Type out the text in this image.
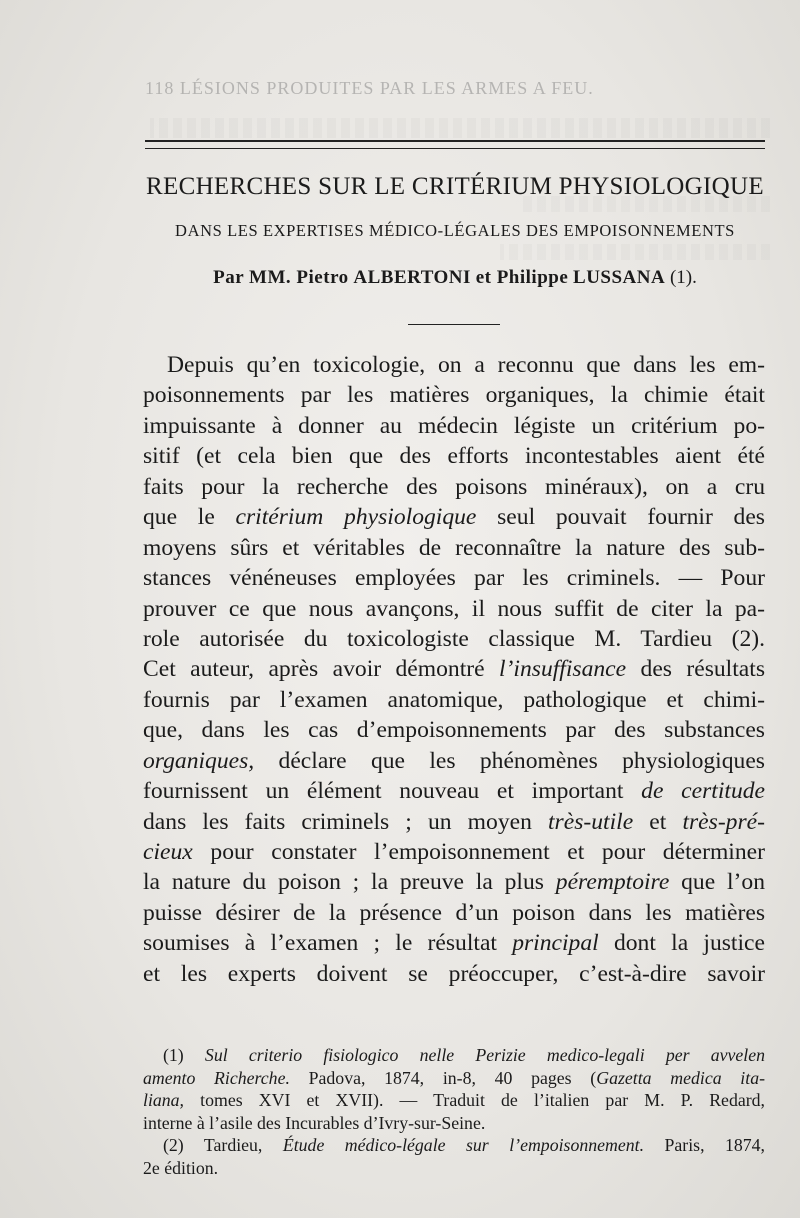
118 LÉSIONS PRODUITES PAR LES ARMES A FEU.
RECHERCHES SUR LE CRITÉRIUM PHYSIOLOGIQUE
DANS LES EXPERTISES MÉDICO-LÉGALES DES EMPOISONNEMENTS
Par MM. Pietro ALBERTONI et Philippe LUSSANA (1).
Depuis qu’en toxicologie, on a reconnu que dans les em-
poisonnements par les matières organiques, la chimie était
impuissante à donner au médecin légiste un critérium po-
sitif (et cela bien que des efforts incontestables aient été
faits pour la recherche des poisons minéraux), on a cru
que le critérium physiologique seul pouvait fournir des
moyens sûrs et véritables de reconnaître la nature des sub-
stances vénéneuses employées par les criminels. — Pour
prouver ce que nous avançons, il nous suffit de citer la pa-
role autorisée du toxicologiste classique M. Tardieu (2).
Cet auteur, après avoir démontré l’insuffisance des résultats
fournis par l’examen anatomique, pathologique et chimi-
que, dans les cas d’empoisonnements par des substances
organiques, déclare que les phénomènes physiologiques
fournissent un élément nouveau et important de certitude
dans les faits criminels ; un moyen très-utile et très-pré-
cieux pour constater l’empoisonnement et pour déterminer
la nature du poison ; la preuve la plus péremptoire que l’on
puisse désirer de la présence d’un poison dans les matières
soumises à l’examen ; le résultat principal dont la justice
et les experts doivent se préoccuper, c’est-à-dire savoir
(1) Sul criterio fisiologico nelle Perizie medico-legali per avvelen
amento Richerche. Padova, 1874, in-8, 40 pages (Gazetta medica ita-
liana, tomes XVI et XVII). — Traduit de l’italien par M. P. Redard,
interne à l’asile des Incurables d’Ivry-sur-Seine.
(2) Tardieu, Étude médico-légale sur l’empoisonnement. Paris, 1874,
2e édition.
